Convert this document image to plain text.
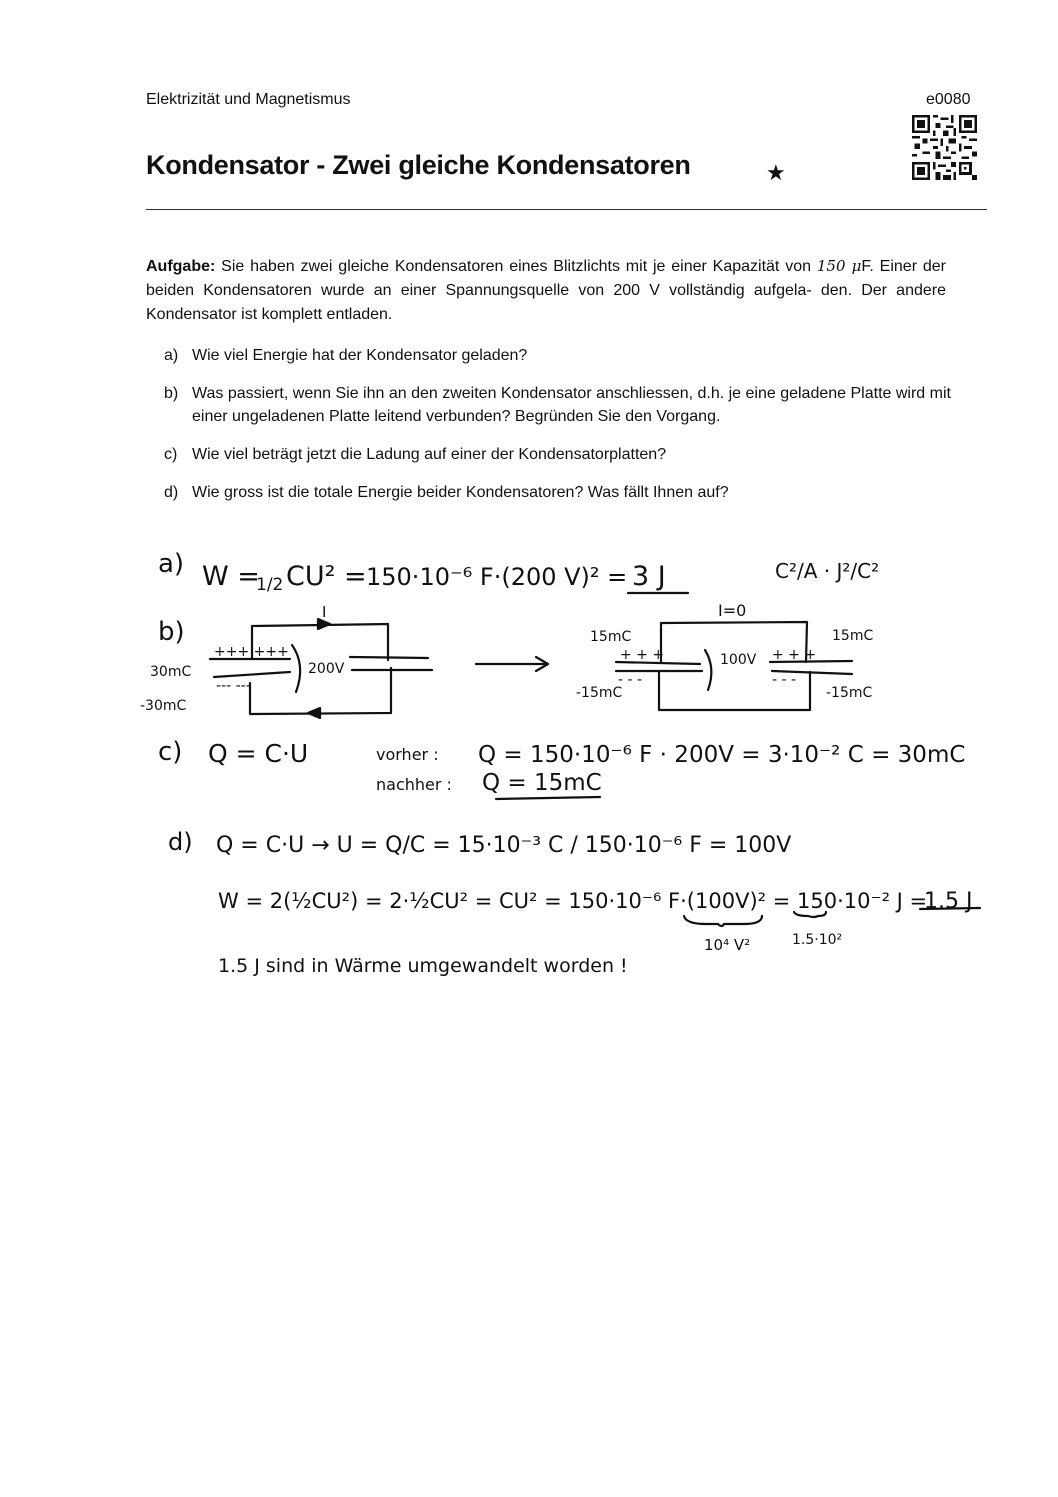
Elektrizität und Magnetismus	e0080
Kondensator - Zwei gleiche Kondensatoren	★
Aufgabe: Sie haben zwei gleiche Kondensatoren eines Blitzlichts mit je einer Kapazität von 150 μF. Einer der beiden Kondensatoren wurde an einer Spannungsquelle von 200 V vollständig aufgela- den. Der andere Kondensator ist komplett entladen.
a) Wie viel Energie hat der Kondensator geladen?
b) Was passiert, wenn Sie ihn an den zweiten Kondensator anschliessen, d.h. je eine geladene Platte wird mit einer ungeladenen Platte leitend verbunden? Begründen Sie den Vorgang.
c) Wie viel beträgt jetzt die Ladung auf einer der Kondensatorplatten?
d) Wie gross ist die totale Energie beider Kondensatoren? Was fällt Ihnen auf?
a) W =
1/2 CU² = 150·10⁻⁶ F·(200 V)² = 3 J	C²/A · J²/C²
b)
I
+++ +++
--- ---
200V
30mC
-30mC
I=0
15mC
-15mC
15mC
-15mC
100V
+ + +
- - -
+ + +
- - -
c) Q = C·U	vorher : Q = 150·10⁻⁶ F · 200V = 3·10⁻² C = 30mC
nachher : Q = 15mC
d) Q = C·U → U = Q/C = 15·10⁻³ C / 150·10⁻⁶ F = 100V
W = 2(½CU²) = 2·½CU² = CU² = 150·10⁻⁶ F·(100V)² = 150·10⁻² J =
1.5 J
10⁴ V²	1.5·10²
1.5 J sind in Wärme umgewandelt worden !
